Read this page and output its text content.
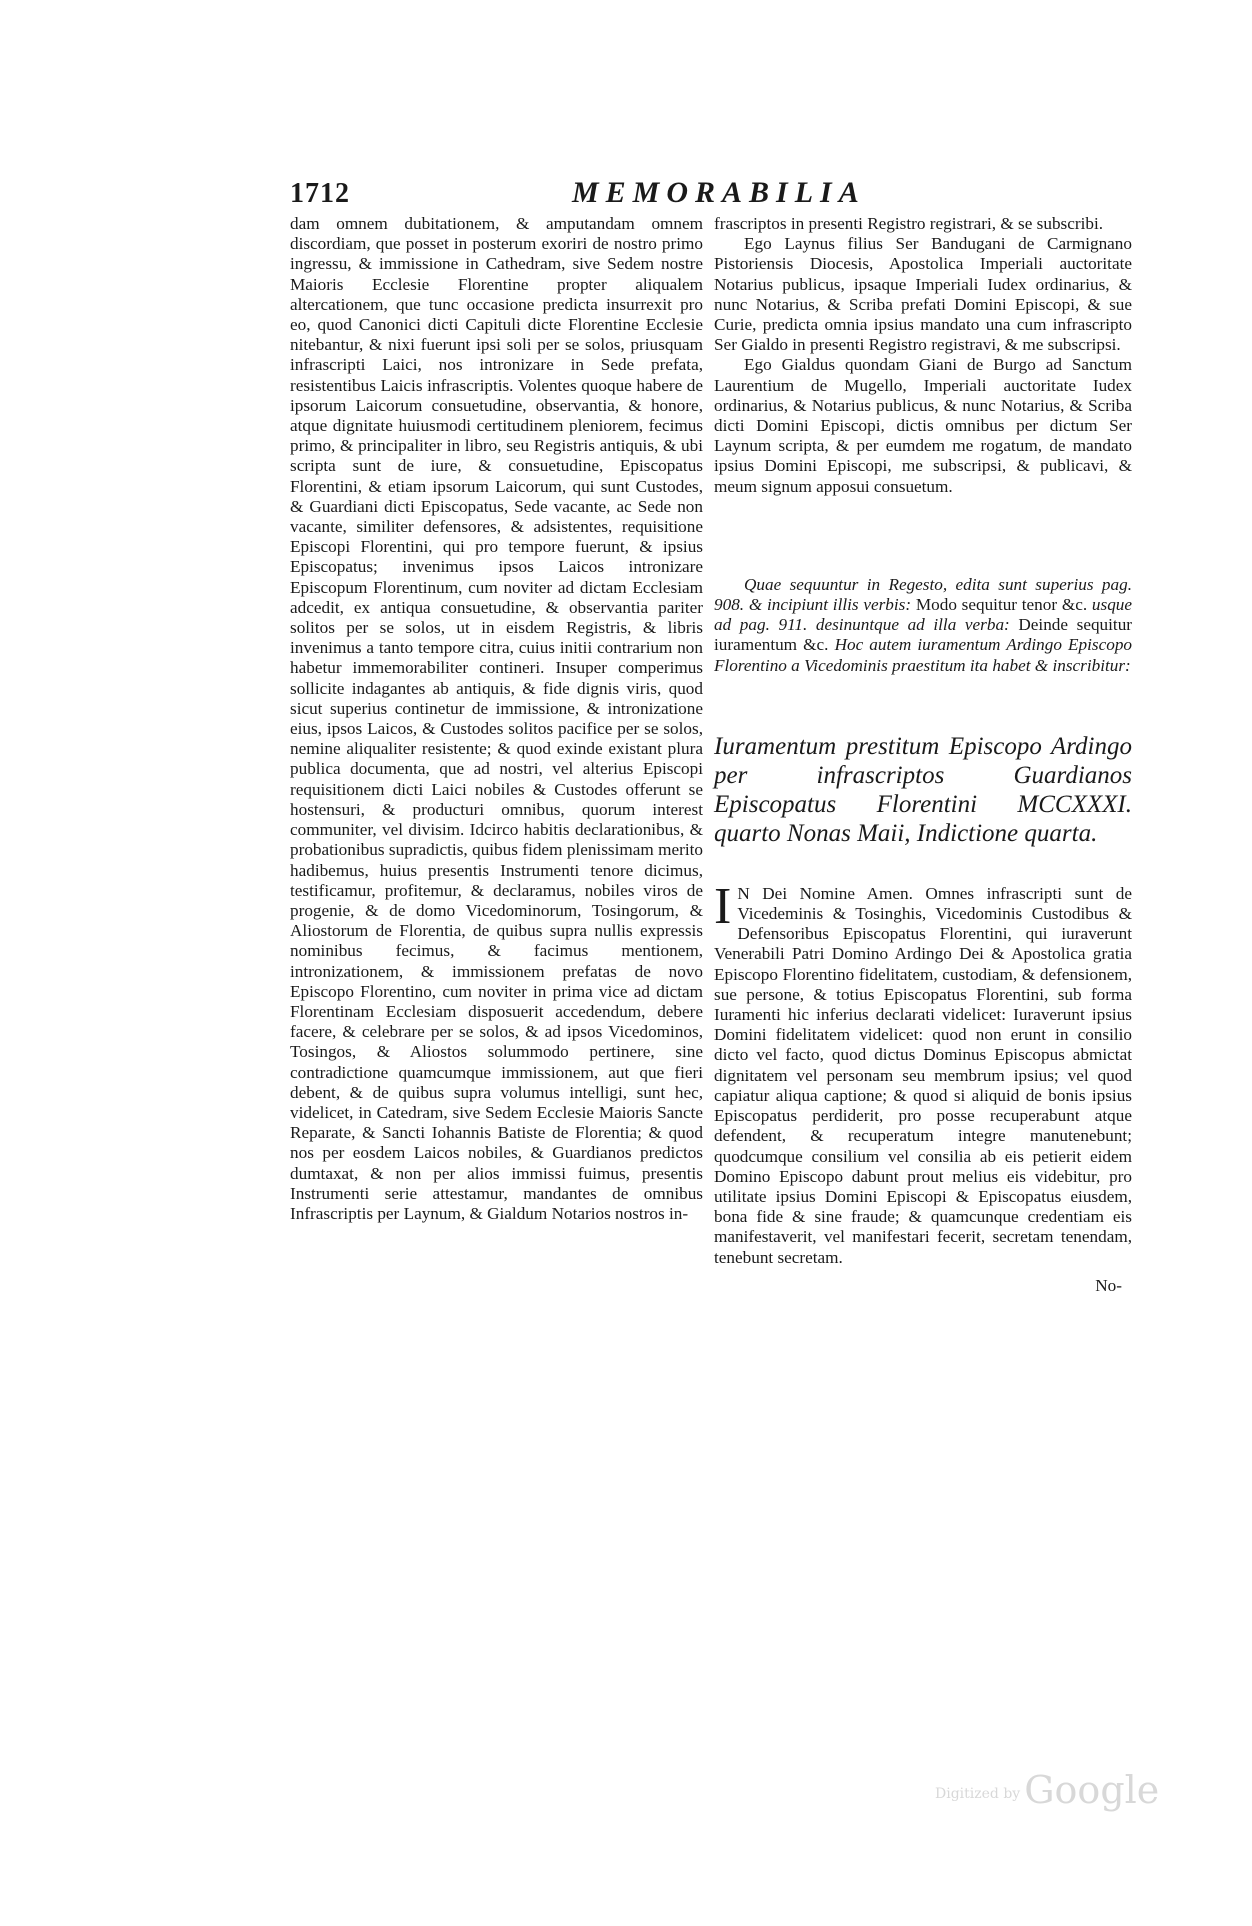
1712	MEMORABILIA

dam omnem dubitationem, & amputandam omnem discordiam, que posset in posterum exoriri de nostro primo ingressu, & immissione in Cathedram, sive Sedem nostre Maioris Ecclesie Florentine propter aliqualem altercationem, que tunc occasione predicta insurrexit pro eo, quod Canonici dicti Capituli dicte Florentine Ecclesie nitebantur, & nixi fuerunt ipsi soli per se solos, priusquam infrascripti Laici, nos intronizare in Sede prefata, resistentibus Laicis infrascriptis. Volentes quoque habere de ipsorum Laicorum consuetudine, observantia, & honore, atque dignitate huiusmodi certitudinem pleniorem, fecimus primo, & principaliter in libro, seu Registris antiquis, & ubi scripta sunt de iure, & consuetudine, Episcopatus Florentini, & etiam ipsorum Laicorum, qui sunt Custodes, & Guardiani dicti Episcopatus, Sede vacante, ac Sede non vacante, similiter defensores, & adsistentes, requisitione Episcopi Florentini, qui pro tempore fuerunt, & ipsius Episcopatus; invenimus ipsos Laicos intronizare Episcopum Florentinum, cum noviter ad dictam Ecclesiam adcedit, ex antiqua consuetudine, & observantia pariter solitos per se solos, ut in eisdem Registris, & libris invenimus a tanto tempore citra, cuius initii contrarium non habetur immemorabiliter contineri. Insuper comperimus sollicite indagantes ab antiquis, & fide dignis viris, quod sicut superius continetur de immissione, & intronizatione eius, ipsos Laicos, & Custodes solitos pacifice per se solos, nemine aliqualiter resistente; & quod exinde existant plura publica documenta, que ad nostri, vel alterius Episcopi requisitionem dicti Laici nobiles & Custodes offerunt se hostensuri, & producturi omnibus, quorum interest communiter, vel divisim. Idcirco habitis declarationibus, & probationibus supradictis, quibus fidem plenissimam merito hadibemus, huius presentis Instrumenti tenore dicimus, testificamur, profitemur, & declaramus, nobiles viros de progenie, & de domo Vicedominorum, Tosingorum, & Aliostorum de Florentia, de quibus supra nullis expressis nominibus fecimus, & facimus mentionem, intronizationem, & immissionem prefatas de novo Episcopo Florentino, cum noviter in prima vice ad dictam Florentinam Ecclesiam disposuerit accedendum, debere facere, & celebrare per se solos, & ad ipsos Vicedominos, Tosingos, & Aliostos solummodo pertinere, sine contradictione quamcumque immissionem, aut que fieri debent, & de quibus supra volumus intelligi, sunt hec, videlicet, in Catedram, sive Sedem Ecclesie Maioris Sancte Reparate, & Sancti Iohannis Batiste de Florentia; & quod nos per eosdem Laicos nobiles, & Guardianos predictos dumtaxat, & non per alios immissi fuimus, presentis Instrumenti serie attestamur, mandantes de omnibus Infrascriptis per Laynum, & Gialdum Notarios nostros in-

frascriptos in presenti Registro registrari, & se subscribi.

Ego Laynus filius Ser Bandugani de Carmignano Pistoriensis Diocesis, Apostolica Imperiali auctoritate Notarius publicus, ipsaque Imperiali Iudex ordinarius, & nunc Notarius, & Scriba prefati Domini Episcopi, & sue Curie, predicta omnia ipsius mandato una cum infrascripto Ser Gialdo in presenti Registro registravi, & me subscripsi.

Ego Gialdus quondam Giani de Burgo ad Sanctum Laurentium de Mugello, Imperiali auctoritate Iudex ordinarius, & Notarius publicus, & nunc Notarius, & Scriba dicti Domini Episcopi, dictis omnibus per dictum Ser Laynum scripta, & per eumdem me rogatum, de mandato ipsius Domini Episcopi, me subscripsi, & publicavi, & meum signum apposui consuetum.

Quae sequuntur in Regesto, edita sunt superius pag. 908. & incipiunt illis verbis: Modo sequitur tenor &c. usque ad pag. 911. desinuntque ad illa verba: Deinde sequitur iuramentum &c. Hoc autem iuramentum Ardingo Episcopo Florentino a Vicedominis praestitum ita habet & inscribitur:

Iuramentum prestitum Episcopo Ardingo per infrascriptos Guardianos Episcopatus Florentini MCCXXXI. quarto Nonas Maii, Indictione quarta.

I N Dei Nomine Amen. Omnes infrascripti sunt de Vicedeminis & Tosinghis, Vicedominis Custodibus & Defensoribus Episcopatus Florentini, qui iuraverunt Venerabili Patri Domino Ardingo Dei & Apostolica gratia Episcopo Florentino fidelitatem, custodiam, & defensionem, sue persone, & totius Episcopatus Florentini, sub forma Iuramenti hic inferius declarati videlicet: Iuraverunt ipsius Domini fidelitatem videlicet: quod non erunt in consilio dicto vel facto, quod dictus Dominus Episcopus abmictat dignitatem vel personam seu membrum ipsius; vel quod capiatur aliqua captione; & quod si aliquid de bonis ipsius Episcopatus perdiderit, pro posse recuperabunt atque defendent, & recuperatum integre manutenebunt; quodcumque consilium vel consilia ab eis petierit eidem Domino Episcopo dabunt prout melius eis videbitur, pro utilitate ipsius Domini Episcopi & Episcopatus eiusdem, bona fide & sine fraude; & quamcunque credentiam eis manifestaverit, vel manifestari fecerit, secretam tenendam, tenebunt secretam.

No-

Digitized by Google
